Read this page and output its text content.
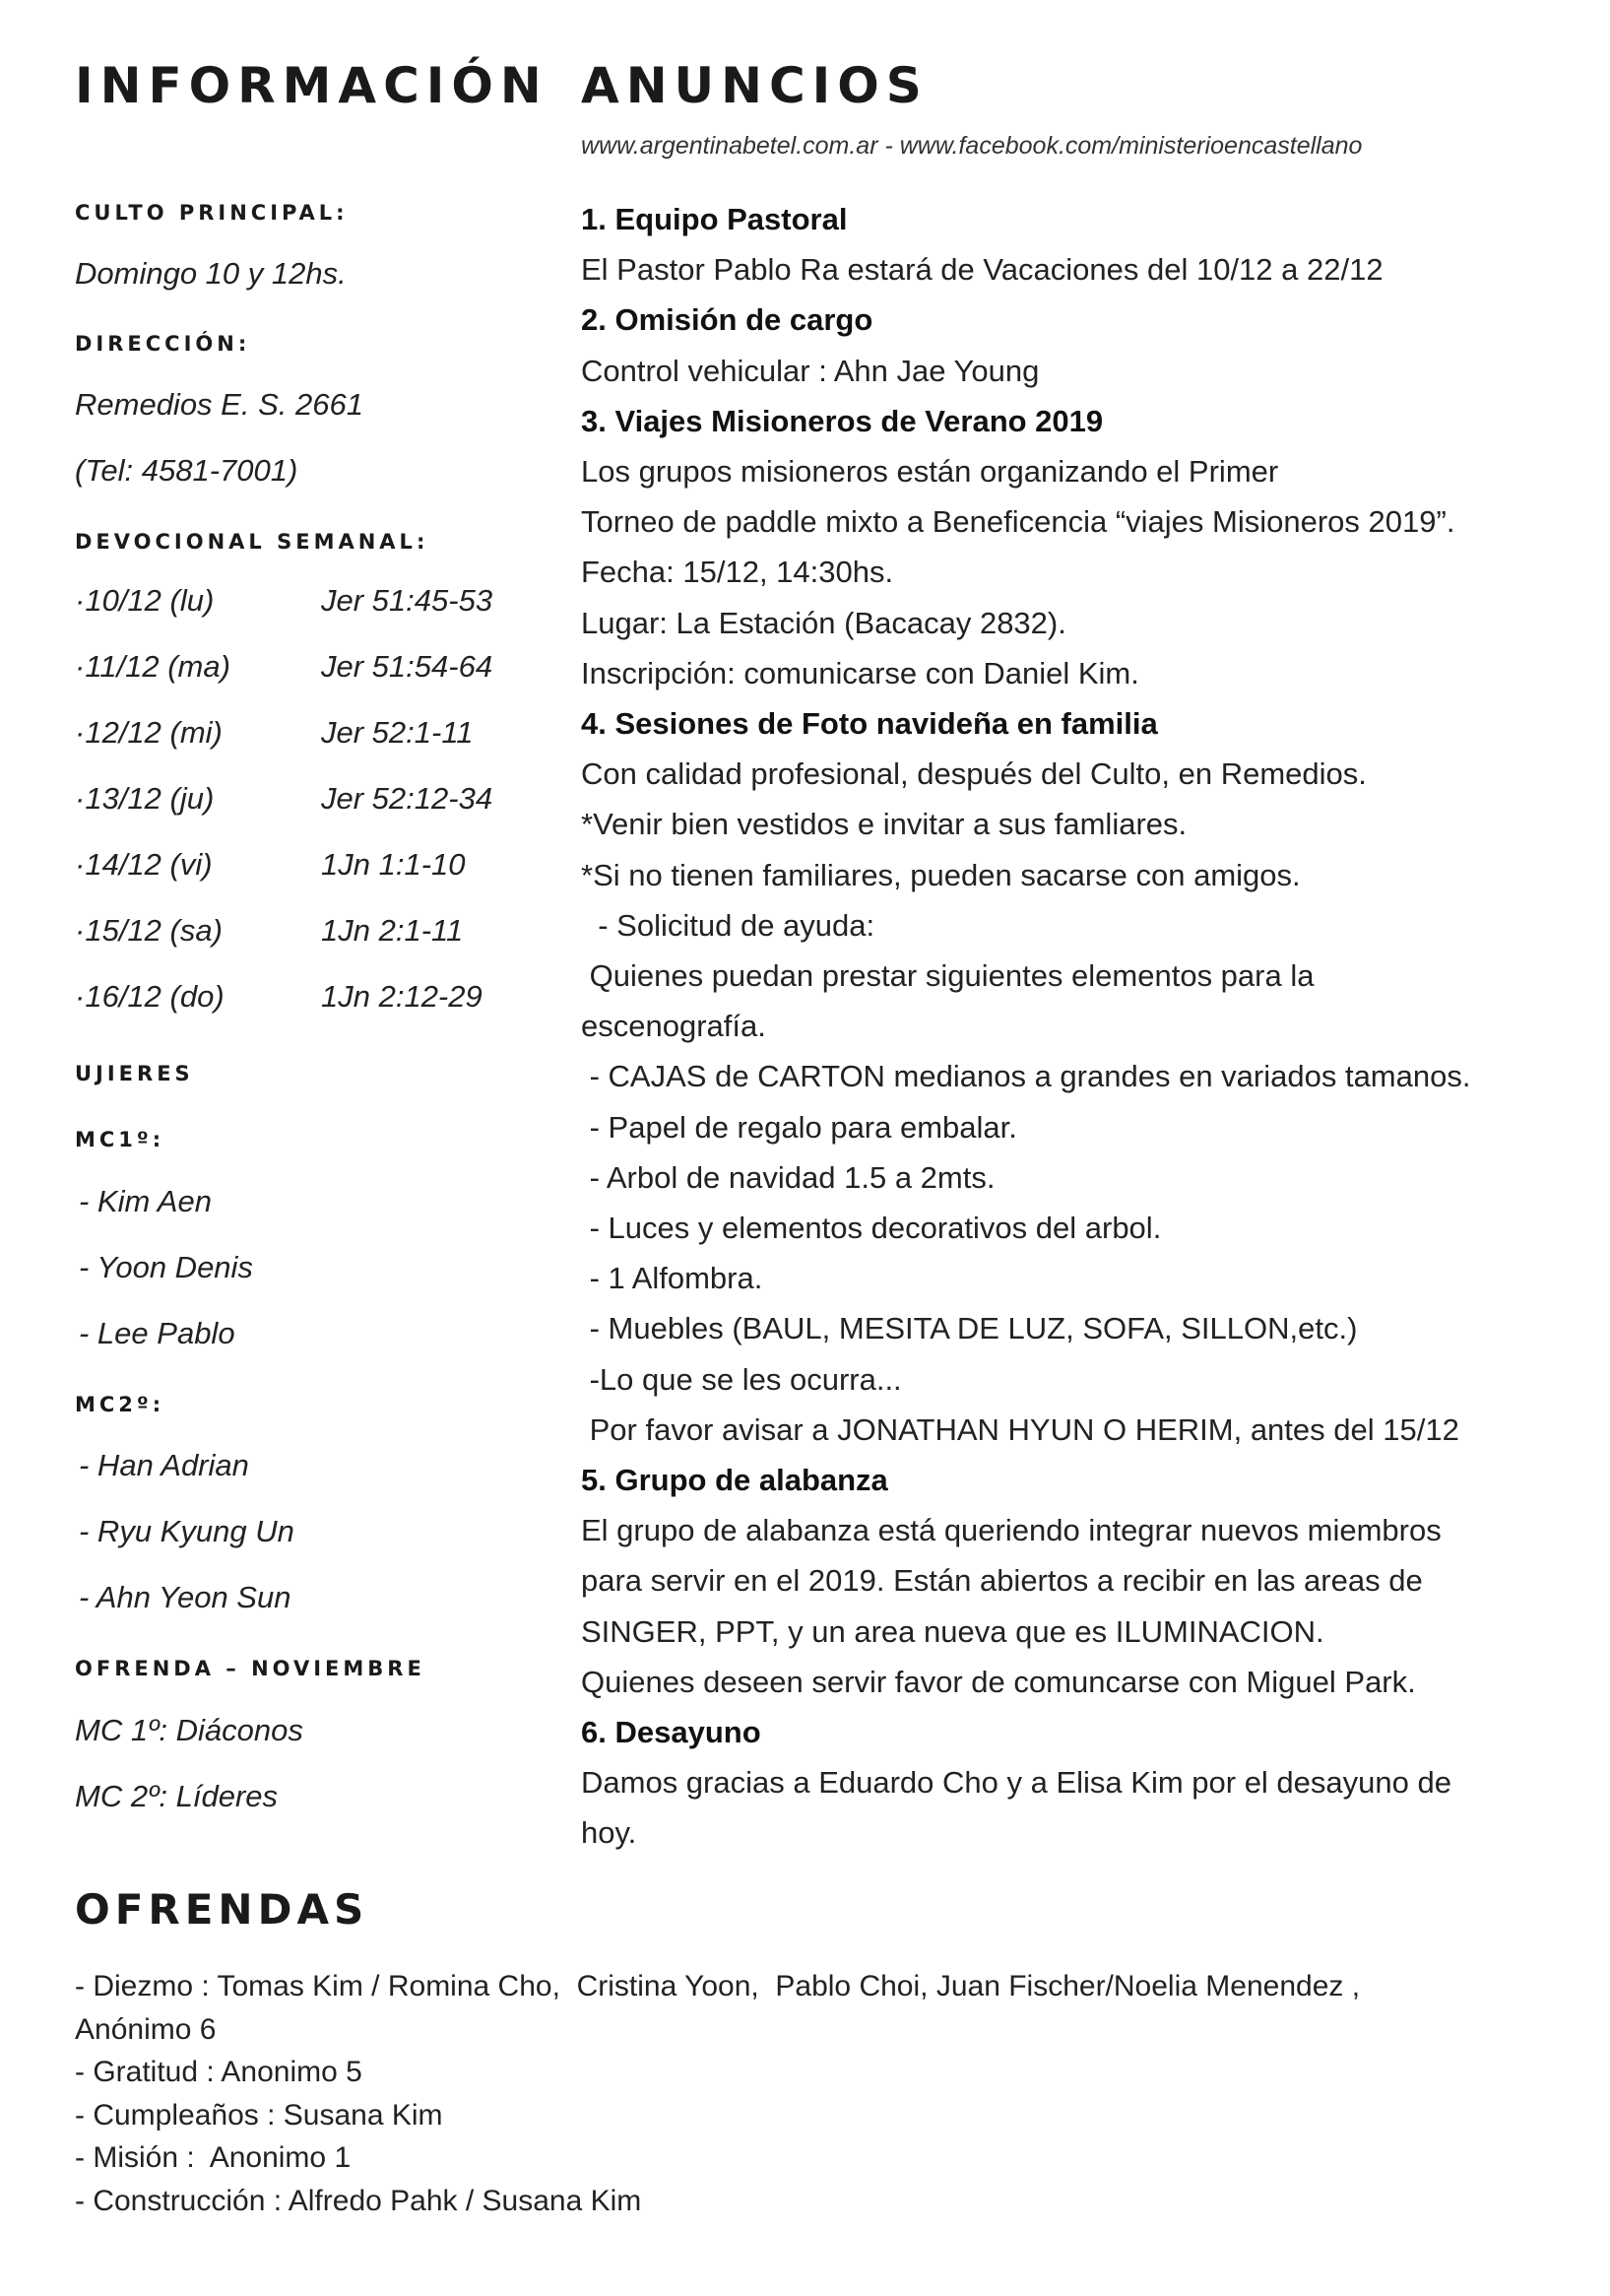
INFORMACIÓN

CULTO PRINCIPAL:

Domingo 10 y 12hs.

DIRECCIÓN:

Remedios E. S. 2661

(Tel: 4581-7001)

DEVOCIONAL SEMANAL:

·10/12 (lu)	Jer 51:45-53
·11/12 (ma)	Jer 51:54-64
·12/12 (mi)	Jer 52:1-11
·13/12 (ju)	Jer 52:12-34
·14/12 (vi)	1Jn 1:1-10
·15/12 (sa)	1Jn 2:1-11
·16/12 (do)	1Jn 2:12-29

UJIERES

MC1º:

- Kim Aen

- Yoon Denis

- Lee Pablo

MC2º:

- Han Adrian

- Ryu Kyung Un

- Ahn Yeon Sun

OFRENDA – NOVIEMBRE

MC 1º: Diáconos

MC 2º: Líderes

ANUNCIOS

www.argentinabetel.com.ar - www.facebook.com/ministerioencastellano

1. Equipo Pastoral
El Pastor Pablo Ra estará de Vacaciones del 10/12 a 22/12
2. Omisión de cargo
Control vehicular : Ahn Jae Young
3. Viajes Misioneros de Verano 2019
Los grupos misioneros están organizando el Primer
Torneo de paddle mixto a Beneficencia “viajes Misioneros 2019”.
Fecha: 15/12, 14:30hs.
Lugar: La Estación (Bacacay 2832).
Inscripción: comunicarse con Daniel Kim.
4. Sesiones de Foto navideña en familia
Con calidad profesional, después del Culto, en Remedios.
*Venir bien vestidos e invitar a sus famliares.
*Si no tienen familiares, pueden sacarse con amigos.
- Solicitud de ayuda:
Quienes puedan prestar siguientes elementos para la
escenografía.
- CAJAS de CARTON medianos a grandes en variados tamanos.
- Papel de regalo para embalar.
- Arbol de navidad 1.5 a 2mts.
- Luces y elementos decorativos del arbol.
- 1 Alfombra.
- Muebles (BAUL, MESITA DE LUZ, SOFA, SILLON,etc.)
-Lo que se les ocurra...
Por favor avisar a JONATHAN HYUN O HERIM, antes del 15/12
5. Grupo de alabanza
El grupo de alabanza está queriendo integrar nuevos miembros
para servir en el 2019. Están abiertos a recibir en las areas de
SINGER, PPT, y un area nueva que es ILUMINACION.
Quienes deseen servir favor de comuncarse con Miguel Park.
6. Desayuno
Damos gracias a Eduardo Cho y a Elisa Kim por el desayuno de
hoy.
OFRENDAS
- Diezmo : Tomas Kim / Romina Cho,  Cristina Yoon,  Pablo Choi, Juan Fischer/Noelia Menendez ,
Anónimo 6
- Gratitud : Anonimo 5
- Cumpleaños : Susana Kim
- Misión :  Anonimo 1
- Construcción : Alfredo Pahk / Susana Kim
